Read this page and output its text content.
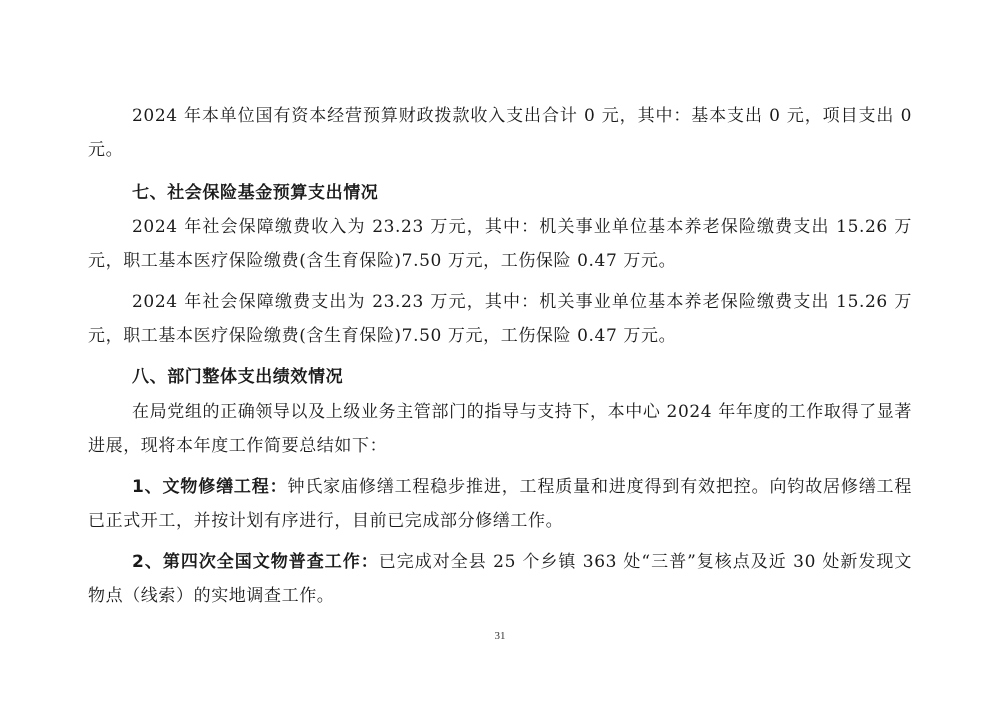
2024 年本单位国有资本经营预算财政拨款收入支出合计 0 元，其中：基本支出 0 元，项目支出 0 元。

七、社会保险基金预算支出情况

2024 年社会保障缴费收入为 23.23 万元，其中：机关事业单位基本养老保险缴费支出 15.26 万元，职工基本医疗保险缴费(含生育保险)7.50 万元，工伤保险 0.47 万元。

2024 年社会保障缴费支出为 23.23 万元，其中：机关事业单位基本养老保险缴费支出 15.26 万元，职工基本医疗保险缴费(含生育保险)7.50 万元，工伤保险 0.47 万元。

八、部门整体支出绩效情况

在局党组的正确领导以及上级业务主管部门的指导与支持下，本中心 2024 年年度的工作取得了显著进展，现将本年度工作简要总结如下：

1、文物修缮工程：钟氏家庙修缮工程稳步推进，工程质量和进度得到有效把控。向钧故居修缮工程已正式开工，并按计划有序进行，目前已完成部分修缮工作。

2、第四次全国文物普查工作：已完成对全县 25 个乡镇 363 处“三普”复核点及近 30 处新发现文物点（线索）的实地调查工作。

31
